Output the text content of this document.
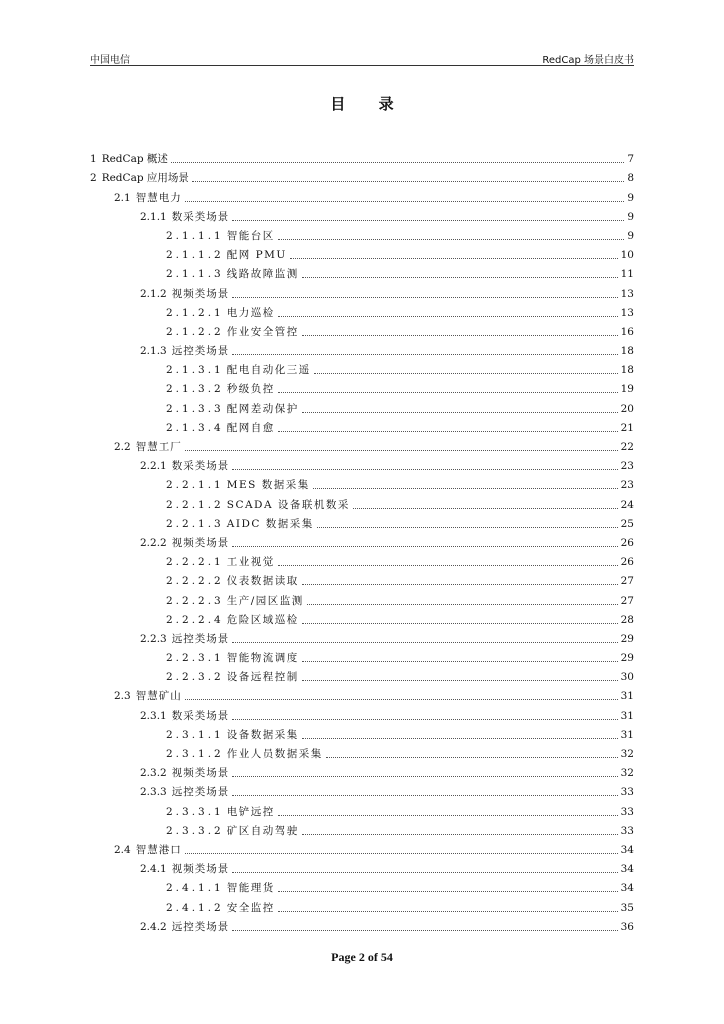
中国电信	RedCap 场景白皮书
目 录
1 RedCap 概述	7
2 RedCap 应用场景	8
2.1 智慧电力	9
2.1.1 数采类场景	9
2.1.1.1 智能台区	9
2.1.1.2 配网 PMU	10
2.1.1.3 线路故障监测	11
2.1.2 视频类场景	13
2.1.2.1 电力巡检	13
2.1.2.2 作业安全管控	16
2.1.3 远控类场景	18
2.1.3.1 配电自动化三遥	18
2.1.3.2 秒级负控	19
2.1.3.3 配网差动保护	20
2.1.3.4 配网自愈	21
2.2 智慧工厂	22
2.2.1 数采类场景	23
2.2.1.1 MES 数据采集	23
2.2.1.2 SCADA 设备联机数采	24
2.2.1.3 AIDC 数据采集	25
2.2.2 视频类场景	26
2.2.2.1 工业视觉	26
2.2.2.2 仪表数据读取	27
2.2.2.3 生产/园区监测	27
2.2.2.4 危险区域巡检	28
2.2.3 远控类场景	29
2.2.3.1 智能物流调度	29
2.2.3.2 设备远程控制	30
2.3 智慧矿山	31
2.3.1 数采类场景	31
2.3.1.1 设备数据采集	31
2.3.1.2 作业人员数据采集	32
2.3.2 视频类场景	32
2.3.3 远控类场景	33
2.3.3.1 电铲远控	33
2.3.3.2 矿区自动驾驶	33
2.4 智慧港口	34
2.4.1 视频类场景	34
2.4.1.1 智能理货	34
2.4.1.2 安全监控	35
2.4.2 远控类场景	36
Page 2 of 54
